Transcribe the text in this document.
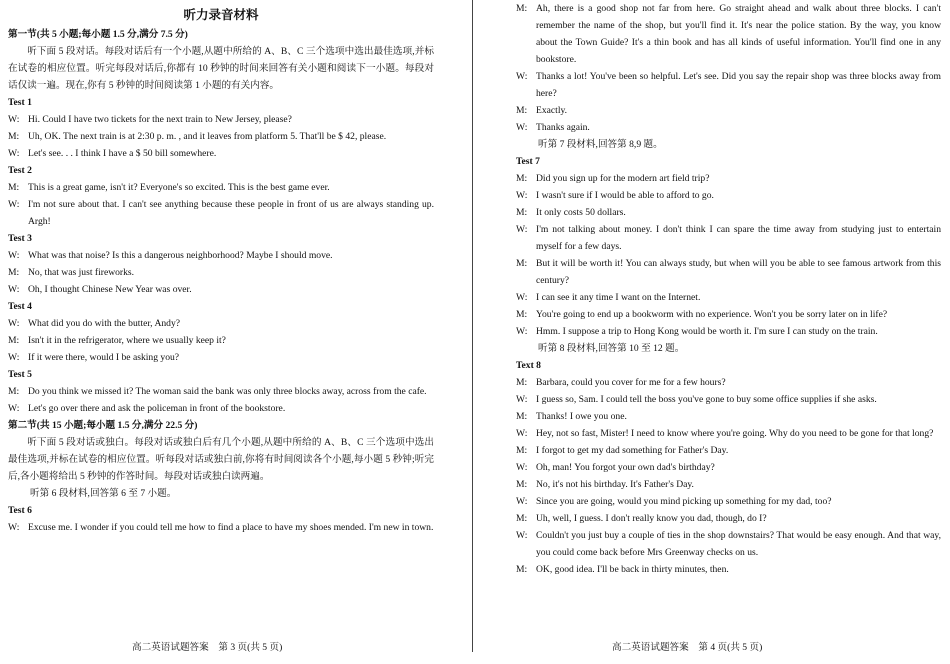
听力录音材料
第一节(共 5 小题;每小题 1.5 分,满分 7.5 分)
听下面 5 段对话。每段对话后有一个小题,从题中所给的 A、B、C 三个选项中选出最佳选项,并标在试卷的相应位置。听完每段对话后,你都有 10 秒钟的时间来回答有关小题和阅读下一小题。每段对话仅读一遍。现在,你有 5 秒钟的时间阅读第 1 小题的有关内容。
Test 1
W: Hi. Could I have two tickets for the next train to New Jersey, please?
M: Uh, OK. The next train is at 2:30 p. m. , and it leaves from platform 5. That'll be $ 42, please.
W: Let's see. . . I think I have a $ 50 bill somewhere.
Test 2
M: This is a great game, isn't it? Everyone's so excited. This is the best game ever.
W: I'm not sure about that. I can't see anything because these people in front of us are always standing up. Argh!
Test 3
W: What was that noise? Is this a dangerous neighborhood? Maybe I should move.
M: No, that was just fireworks.
W: Oh, I thought Chinese New Year was over.
Test 4
W: What did you do with the butter, Andy?
M: Isn't it in the refrigerator, where we usually keep it?
W: If it were there, would I be asking you?
Test 5
M: Do you think we missed it? The woman said the bank was only three blocks away, across from the cafe.
W: Let's go over there and ask the policeman in front of the bookstore.
第二节(共 15 小题;每小题 1.5 分,满分 22.5 分)
听下面 5 段对话或独白。每段对话或独白后有几个小题,从题中所给的 A、B、C 三个选项中选出最佳选项,并标在试卷的相应位置。听每段对话或独白前,你将有时间阅读各个小题,每小题 5 秒钟;听完后,各小题将给出 5 秒钟的作答时间。每段对话或独白读两遍。
听第 6 段材料,回答第 6 至 7 小题。
Test 6
W: Excuse me. I wonder if you could tell me how to find a place to have my shoes mended. I'm new in town.
M: Ah, there is a good shop not far from here. Go straight ahead and walk about three blocks. I can't remember the name of the shop, but you'll find it. It's near the police station. By the way, you know about the Town Guide? It's a thin book and has all kinds of useful information. You'll find one in any bookstore.
W: Thanks a lot! You've been so helpful. Let's see. Did you say the repair shop was three blocks away from here?
M: Exactly.
W: Thanks again.
听第 7 段材料,回答第 8,9 题。
Test 7
M: Did you sign up for the modern art field trip?
W: I wasn't sure if I would be able to afford to go.
M: It only costs 50 dollars.
W: I'm not talking about money. I don't think I can spare the time away from studying just to entertain myself for a few days.
M: But it will be worth it! You can always study, but when will you be able to see famous artwork from this century?
W: I can see it any time I want on the Internet.
M: You're going to end up a bookworm with no experience. Won't you be sorry later on in life?
W: Hmm. I suppose a trip to Hong Kong would be worth it. I'm sure I can study on the train.
听第 8 段材料,回答第 10 至 12 题。
Text 8
M: Barbara, could you cover for me for a few hours?
W: I guess so, Sam. I could tell the boss you've gone to buy some office supplies if she asks.
M: Thanks! I owe you one.
W: Hey, not so fast, Mister! I need to know where you're going. Why do you need to be gone for that long?
M: I forgot to get my dad something for Father's Day.
W: Oh, man! You forgot your own dad's birthday?
M: No, it's not his birthday. It's Father's Day.
W: Since you are going, would you mind picking up something for my dad, too?
M: Uh, well, I guess. I don't really know you dad, though, do I?
W: Couldn't you just buy a couple of ties in the shop downstairs? That would be easy enough. And that way, you could come back before Mrs Greenway checks on us.
M: OK, good idea. I'll be back in thirty minutes, then.
高二英语试题答案　第 3 页(共 5 页)	高二英语试题答案　第 4 页(共 5 页)
